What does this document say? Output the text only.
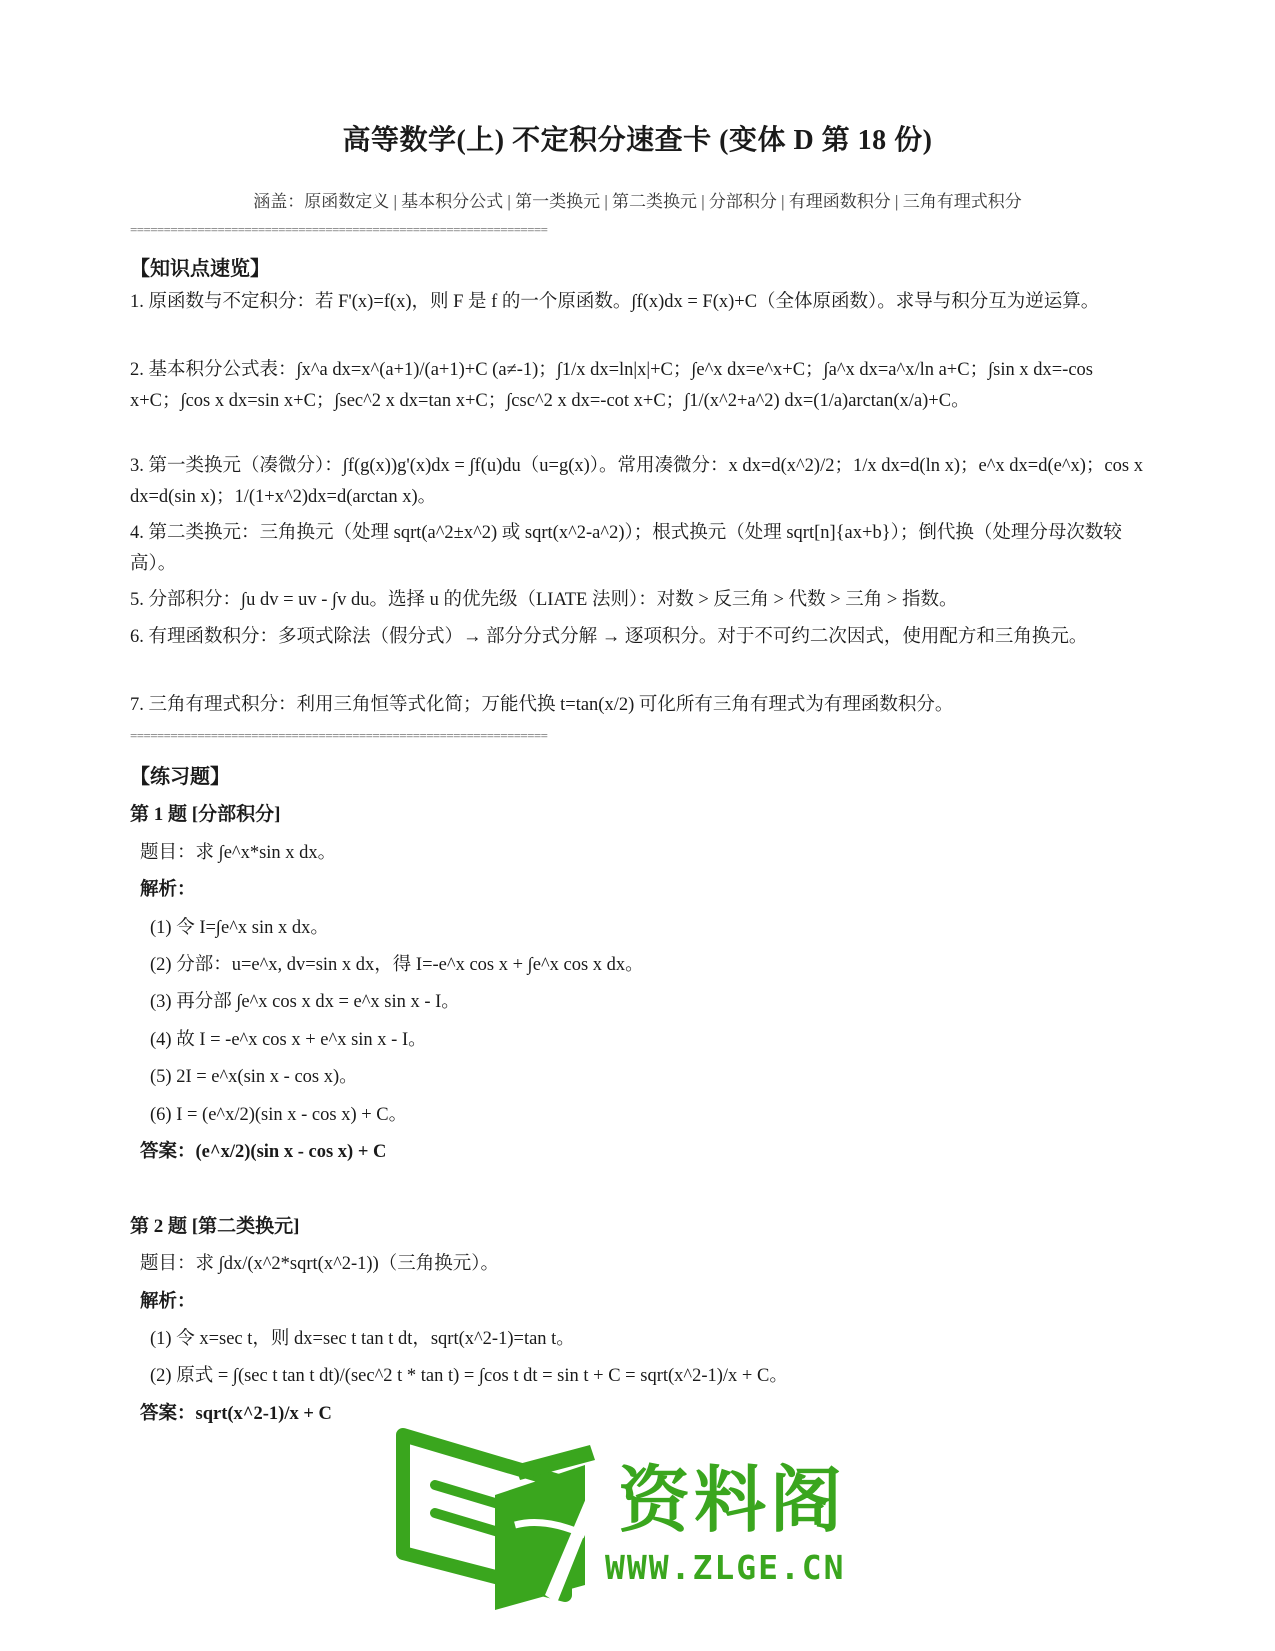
高等数学(上) 不定积分速查卡 (变体 D 第 18 份)
涵盖：原函数定义 | 基本积分公式 | 第一类换元 | 第二类换元 | 分部积分 | 有理函数积分 | 三角有理式积分
==============================================================
【知识点速览】

1. 原函数与不定积分：若 F'(x)=f(x)，则 F 是 f 的一个原函数。∫f(x)dx = F(x)+C（全体原函数）。求导与积分互为逆运算。

2. 基本积分公式表：∫x^a dx=x^(a+1)/(a+1)+C (a≠-1)；∫1/x dx=ln|x|+C；∫e^x dx=e^x+C；∫a^x dx=a^x/ln a+C；∫sin x dx=-cos x+C；∫cos x dx=sin x+C；∫sec^2 x dx=tan x+C；∫csc^2 x dx=-cot x+C；∫1/(x^2+a^2) dx=(1/a)arctan(x/a)+C。

3. 第一类换元（凑微分）：∫f(g(x))g'(x)dx = ∫f(u)du（u=g(x)）。常用凑微分：x dx=d(x^2)/2；1/x dx=d(ln x)；e^x dx=d(e^x)；cos x dx=d(sin x)；1/(1+x^2)dx=d(arctan x)。

4. 第二类换元：三角换元（处理 sqrt(a^2±x^2) 或 sqrt(x^2-a^2)）；根式换元（处理 sqrt[n]{ax+b}）；倒代换（处理分母次数较高）。

5. 分部积分：∫u dv = uv - ∫v du。选择 u 的优先级（LIATE 法则）：对数 > 反三角 > 代数 > 三角 > 指数。

6. 有理函数积分：多项式除法（假分式）→ 部分分式分解 → 逐项积分。对于不可约二次因式，使用配方和三角换元。

7. 三角有理式积分：利用三角恒等式化简；万能代换 t=tan(x/2) 可化所有三角有理式为有理函数积分。

==============================================================
【练习题】
第 1 题 [分部积分]
题目：求 ∫e^x*sin x dx。
解析：
(1) 令 I=∫e^x sin x dx。
(2) 分部：u=e^x, dv=sin x dx，得 I=-e^x cos x + ∫e^x cos x dx。
(3) 再分部 ∫e^x cos x dx = e^x sin x - I。
(4) 故 I = -e^x cos x + e^x sin x - I。
(5) 2I = e^x(sin x - cos x)。
(6) I = (e^x/2)(sin x - cos x) + C。
答案：(e^x/2)(sin x - cos x) + C
第 2 题 [第二类换元]
题目：求 ∫dx/(x^2*sqrt(x^2-1))（三角换元）。
解析：
(1) 令 x=sec t，则 dx=sec t tan t dt，sqrt(x^2-1)=tan t。
(2) 原式 = ∫(sec t tan t dt)/(sec^2 t * tan t) = ∫cos t dt = sin t + C = sqrt(x^2-1)/x + C。
答案：sqrt(x^2-1)/x + C
资料阁
WWW.ZLGE.CN
